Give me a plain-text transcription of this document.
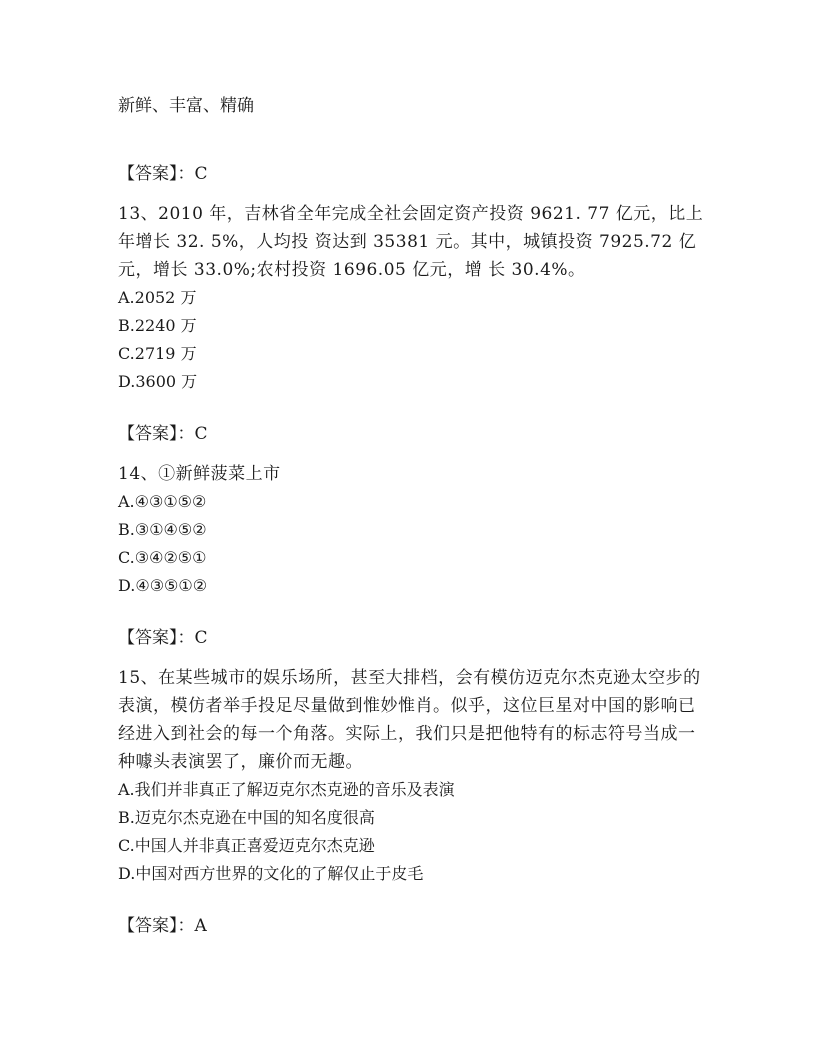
新鲜、丰富、精确
【答案】：C
13、2010 年，吉林省全年完成全社会固定资产投资 9621. 77 亿元，比上年增长 32. 5%，人均投 资达到 35381 元。其中，城镇投资 7925.72 亿元，增长 33.0%;农村投资 1696.05 亿元，增 长 30.4%。
A.2052 万
B.2240 万
C.2719 万
D.3600 万
【答案】：C
14、①新鲜菠菜上市
A.④③①⑤②
B.③①④⑤②
C.③④②⑤①
D.④③⑤①②
【答案】：C
15、在某些城市的娱乐场所，甚至大排档，会有模仿迈克尔杰克逊太空步的表演，模仿者举手投足尽量做到惟妙惟肖。似乎，这位巨星对中国的影响已经进入到社会的每一个角落。实际上，我们只是把他特有的标志符号当成一种噱头表演罢了，廉价而无趣。
A.我们并非真正了解迈克尔杰克逊的音乐及表演
B.迈克尔杰克逊在中国的知名度很高
C.中国人并非真正喜爱迈克尔杰克逊
D.中国对西方世界的文化的了解仅止于皮毛
【答案】：A
